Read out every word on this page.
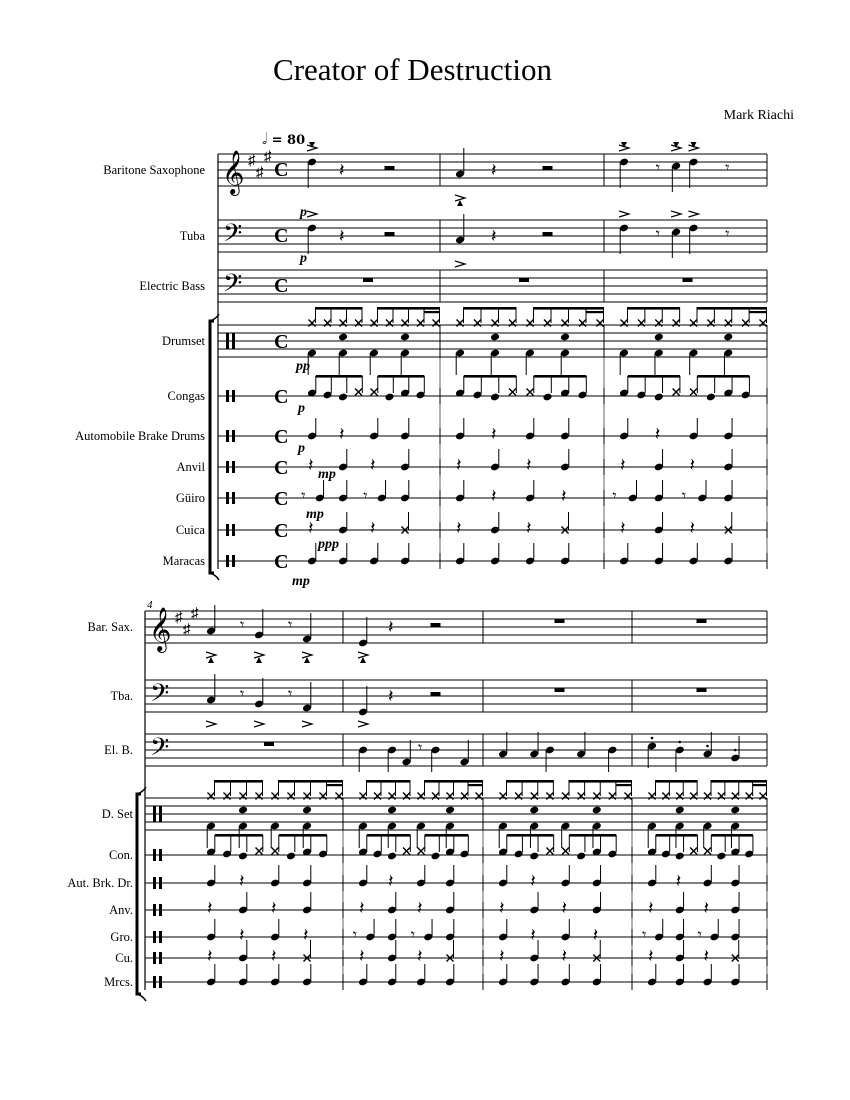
Creator of Destruction
Mark Riachi
𝅗𝅥 = 80
Baritone Saxophone
Tuba
Electric Bass
Drumset
Congas
Automobile Brake Drums
Anvil
Güiro
Cuica
Maracas
𝄞 ♯
♯
♯
C
𝄢 C
𝄢 C
C
C
C
C
C
C
C
𝄽
𝄽
𝄽
𝄽	𝄽
𝄾	𝄾
𝄽	𝄽
𝄽
𝄽
𝄽
𝄽	𝄽
𝄽	𝄽
𝄽	𝄽
𝄾	𝄾
𝄾	𝄾
𝄽
𝄽	𝄽
𝄾	𝄾
𝄽	𝄽
Bar. Sax.
Tba.
El. B.
D. Set
Con.
Aut. Brk. Dr.
Anv.
Gro.
Cu.
Mrcs.
𝄞 ♯
♯
♯
𝄢
𝄢
𝄾	𝄾
𝄾	𝄾
𝄽
𝄽	𝄽
𝄽	𝄽
𝄽	𝄽
𝄽
𝄽
𝄾
𝄽
𝄽	𝄽
𝄾	𝄾
𝄽	𝄽
𝄽
𝄽	𝄽
𝄽	𝄽
𝄽	𝄽
𝄽
𝄽	𝄽
𝄾	𝄾
𝄽	𝄽
4
p
p
pp
p
p
mp
mp
ppp
mp
